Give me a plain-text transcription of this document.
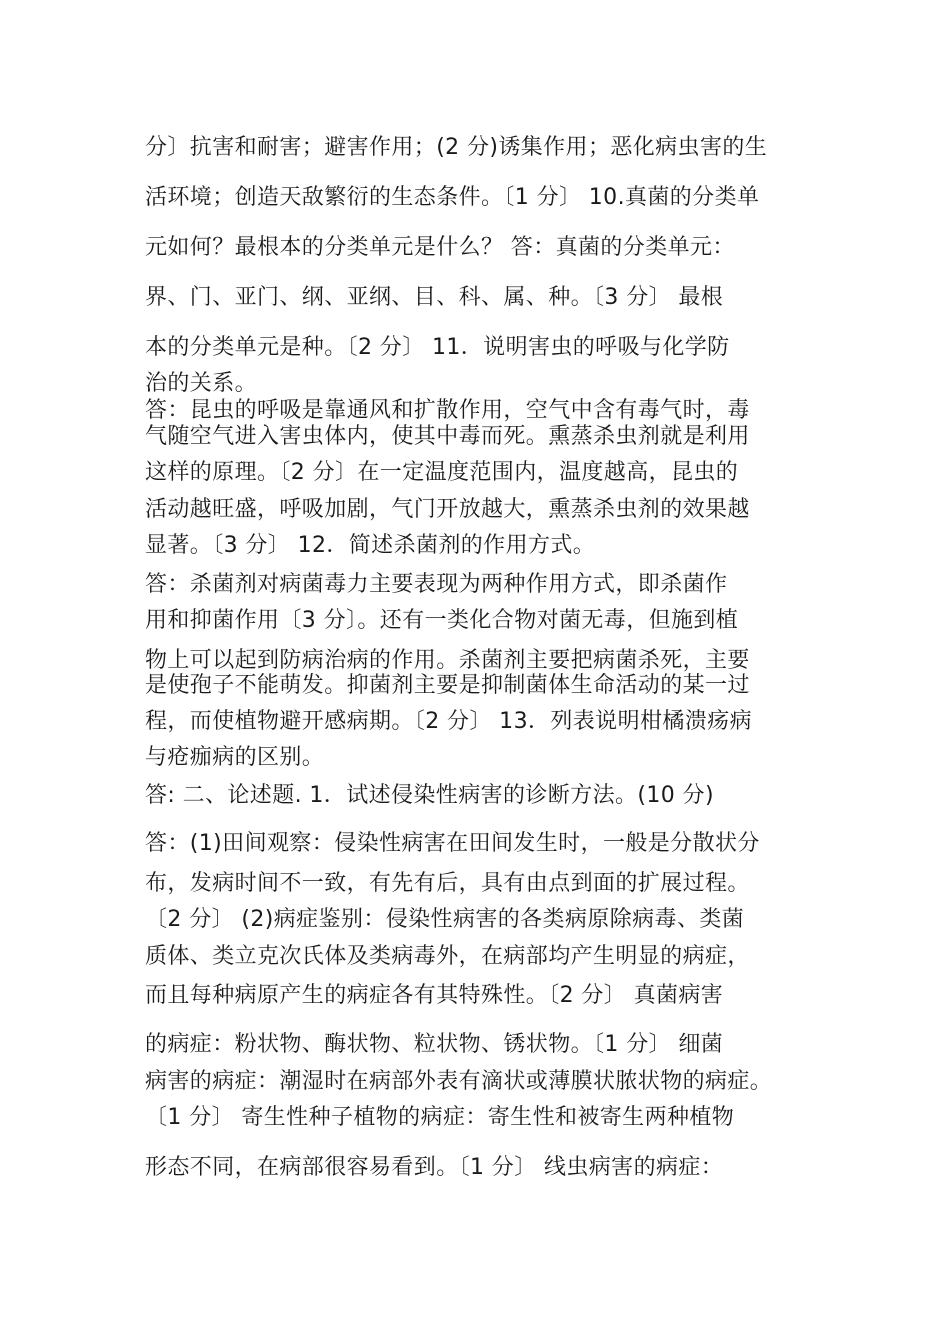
分〕抗害和耐害；避害作用；(2 分)诱集作用；恶化病虫害的生
活环境；创造天敌繁衍的生态条件。〔1 分〕 10.真菌的分类单
元如何？最根本的分类单元是什么？ 答：真菌的分类单元：
界、门、亚门、纲、亚纲、目、科、属、种。〔3 分〕 最根
本的分类单元是种。〔2 分〕 11．说明害虫的呼吸与化学防
治的关系。
答：昆虫的呼吸是靠通风和扩散作用，空气中含有毒气时，毒
气随空气进入害虫体内，使其中毒而死。熏蒸杀虫剂就是利用
这样的原理。〔2 分〕在一定温度范围内，温度越高，昆虫的
活动越旺盛，呼吸加剧，气门开放越大，熏蒸杀虫剂的效果越
显著。〔3 分〕 12．简述杀菌剂的作用方式。
答：杀菌剂对病菌毒力主要表现为两种作用方式，即杀菌作
用和抑菌作用〔3 分〕。还有一类化合物对菌无毒，但施到植
物上可以起到防病治病的作用。杀菌剂主要把病菌杀死，主要
是使孢子不能萌发。抑菌剂主要是抑制菌体生命活动的某一过
程，而使植物避开感病期。〔2 分〕 13．列表说明柑橘溃疡病
与疮痂病的区别。
答: 二、论述题. 1．试述侵染性病害的诊断方法。(10 分)
答：(1)田间观察：侵染性病害在田间发生时，一般是分散状分
布，发病时间不一致，有先有后，具有由点到面的扩展过程。
〔2 分〕 (2)病症鉴别：侵染性病害的各类病原除病毒、类菌
质体、类立克次氏体及类病毒外，在病部均产生明显的病症，
而且每种病原产生的病症各有其特殊性。〔2 分〕 真菌病害
的病症：粉状物、酶状物、粒状物、锈状物。〔1 分〕 细菌
病害的病症：潮湿时在病部外表有滴状或薄膜状脓状物的病症。
〔1 分〕 寄生性种子植物的病症：寄生性和被寄生两种植物
形态不同，在病部很容易看到。〔1 分〕 线虫病害的病症：
